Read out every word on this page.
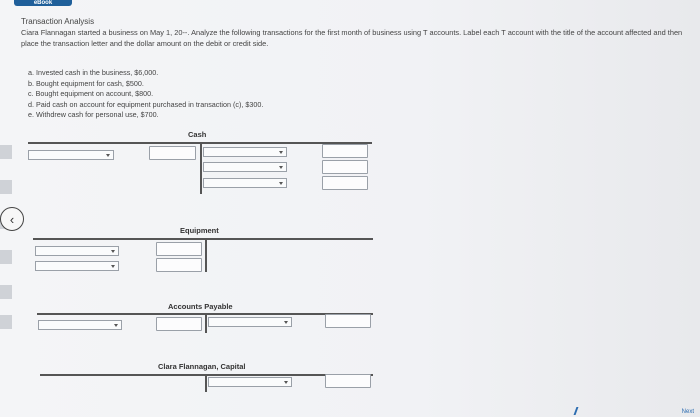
eBook
‹
Transaction Analysis
Ciara Flannagan started a business on May 1, 20--. Analyze the following transactions for the first month of business using T accounts. Label each T account with the title of the account affected and then place the transaction letter and the dollar amount on the debit or credit side.
a. Invested cash in the business, $6,000.
b. Bought equipment for cash, $500.
c. Bought equipment on account, $800.
d. Paid cash on account for equipment purchased in transaction (c), $300.
e. Withdrew cash for personal use, $700.
Cash
Equipment
Accounts Payable
Clara Flannagan, Capital
Next
